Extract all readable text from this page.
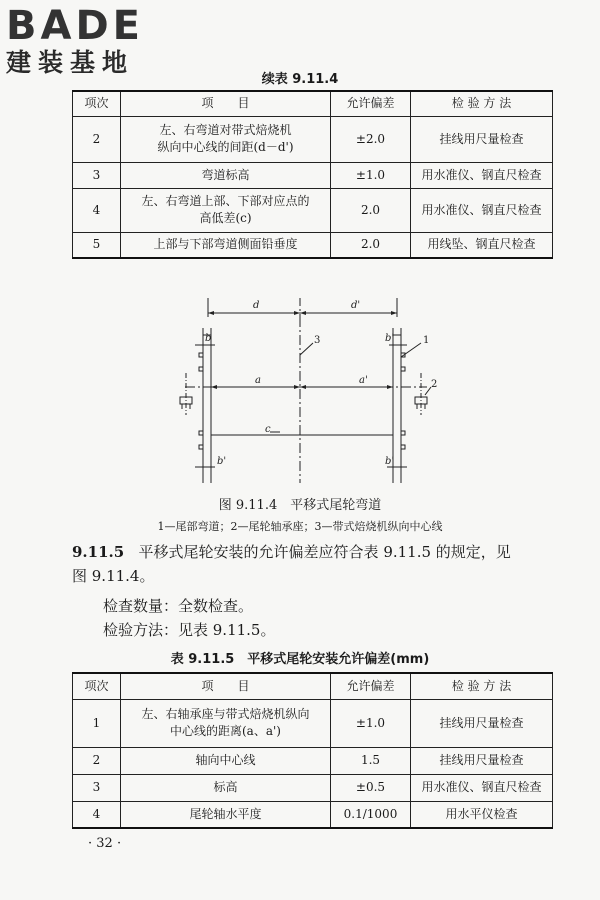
BADE
建装基地
续表 9.11.4
项次	项　　目	允许偏差	检 验 方 法
2	左、右弯道对带式焙烧机
纵向中心线的间距(d－d')	±2.0	挂线用尺量检查
3	弯道标高	±1.0	用水准仪、钢直尺检查
4	左、右弯道上部、下部对应点的
高低差(c)	2.0	用水准仪、钢直尺检查
5	上部与下部弯道侧面铅垂度	2.0	用线坠、钢直尺检查
d	d'
b	b'
b'	b'
a	a'
c
1
2
3
图 9.11.4　平移式尾轮弯道
1—尾部弯道；2—尾轮轴承座；3—带式焙烧机纵向中心线
9.11.5 平移式尾轮安装的允许偏差应符合表 9.11.5 的规定，见
图 9.11.4。
检查数量：全数检查。
检验方法：见表 9.11.5。
表 9.11.5　平移式尾轮安装允许偏差(mm)
项次	项　　目	允许偏差	检 验 方 法
1	左、右轴承座与带式焙烧机纵向
中心线的距离(a、a')	±1.0	挂线用尺量检查
2	轴向中心线	1.5	挂线用尺量检查
3	标高	±0.5	用水准仪、钢直尺检查
4	尾轮轴水平度	0.1/1000	用水平仪检查
· 32 ·
